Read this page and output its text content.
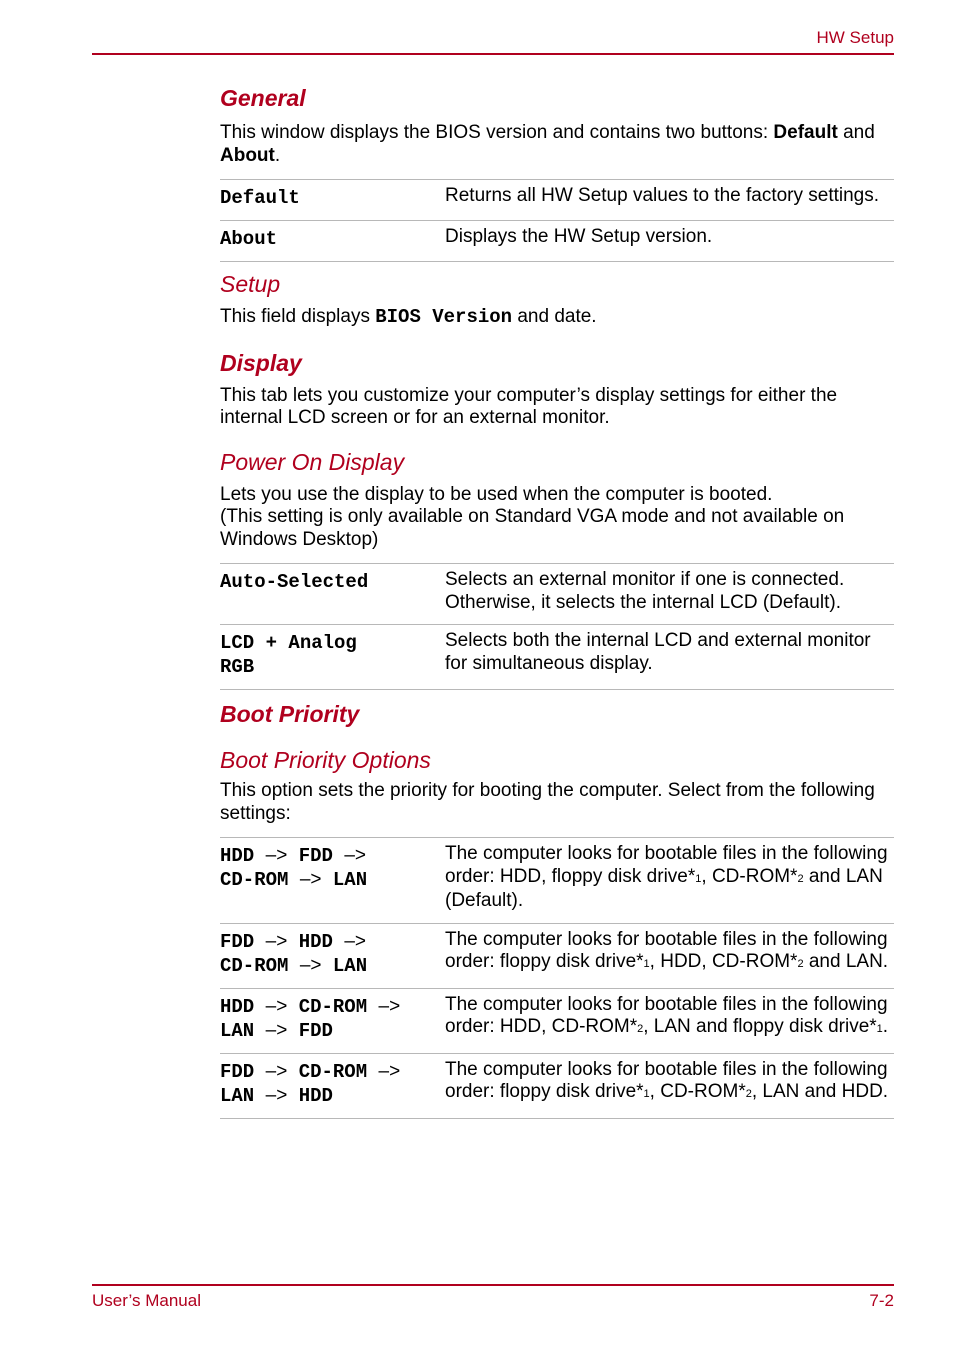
HW Setup
General

This window displays the BIOS version and contains two buttons: Default and About.

Default	Returns all HW Setup values to the factory settings.
About	Displays the HW Setup version.
Setup

This field displays BIOS Version and date.

Display

This tab lets you customize your computer’s display settings for either the internal LCD screen or for an external monitor.

Power On Display

Lets you use the display to be used when the computer is booted.

(This setting is only available on Standard VGA mode and not available on Windows Desktop)

Auto-Selected	Selects an external monitor if one is connected. Otherwise, it selects the internal LCD (Default).
LCD + Analog
RGB	Selects both the internal LCD and external monitor for simultaneous display.
Boot Priority
Boot Priority Options

This option sets the priority for booting the computer. Select from the following settings:

HDD –> FDD –>
CD-ROM –> LAN	The computer looks for bootable files in the following order: HDD, floppy disk drive*1, CD-ROM*2 and LAN (Default).
FDD –> HDD –>
CD-ROM –> LAN	The computer looks for bootable files in the following order: floppy disk drive*1, HDD, CD-ROM*2 and LAN.
HDD –> CD-ROM –>
LAN –> FDD	The computer looks for bootable files in the following order: HDD, CD-ROM*2, LAN and floppy disk drive*1.
FDD –> CD-ROM –>
LAN –> HDD	The computer looks for bootable files in the following order: floppy disk drive*1, CD-ROM*2, LAN and HDD.
User’s Manual	7-2
